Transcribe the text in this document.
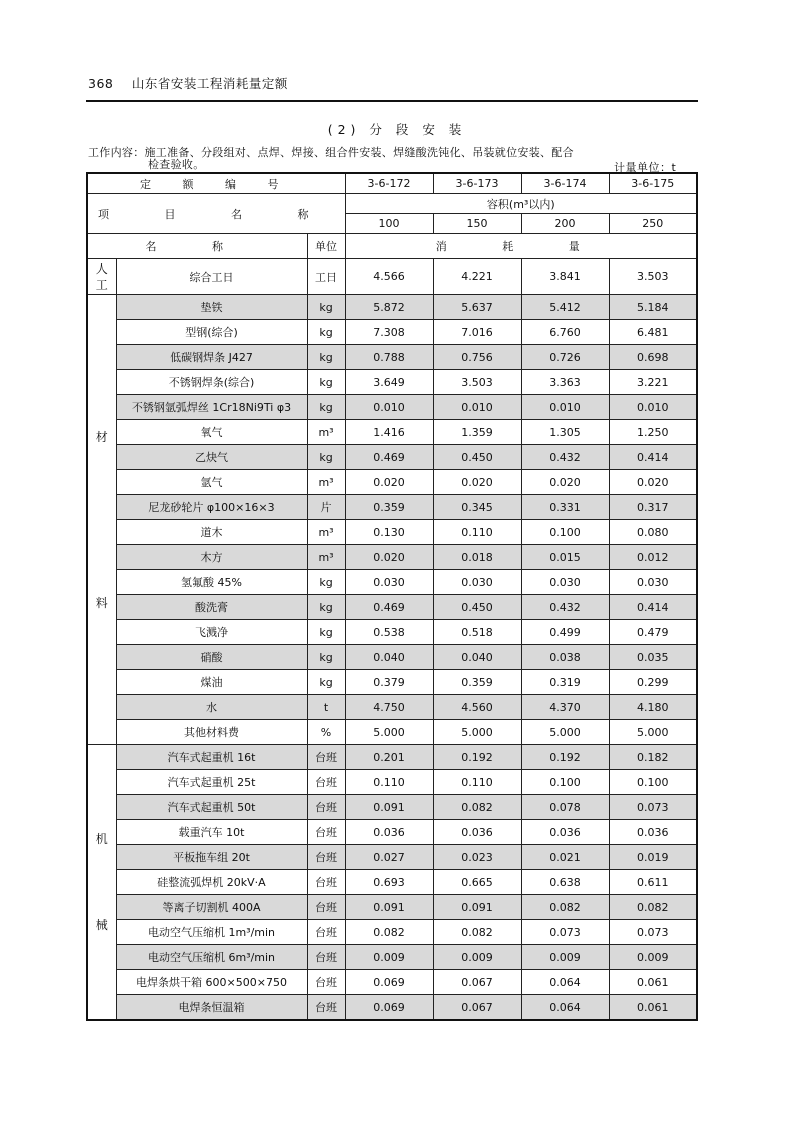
368 山东省安装工程消耗量定额
(2) 分 段 安 装
工作内容：施工准备、分段组对、点焊、焊接、组合件安装、焊缝酸洗钝化、吊装就位安装、配合
检查验收。	计量单位：t
定 额 编 号			3-6-172	3-6-173	3-6-174	3-6-175
项 目 名 称			容积(m³以内)			
			100	150	200	250
名 称		单位	消 耗 量			
人工	综合工日	工日	4.566	4.221	3.841	3.503

材
料	垫铁	kg	5.872	5.637	5.412	5.184
	型钢(综合)	kg	7.308	7.016	6.760	6.481
	低碳钢焊条 J427	kg	0.788	0.756	0.726	0.698
	不锈钢焊条(综合)	kg	3.649	3.503	3.363	3.221
	不锈钢氩弧焊丝 1Cr18Ni9Ti φ3	kg	0.010	0.010	0.010	0.010
	氧气	m³	1.416	1.359	1.305	1.250
	乙炔气	kg	0.469	0.450	0.432	0.414
	氩气	m³	0.020	0.020	0.020	0.020
	尼龙砂轮片 φ100×16×3	片	0.359	0.345	0.331	0.317
	道木	m³	0.130	0.110	0.100	0.080
	木方	m³	0.020	0.018	0.015	0.012
	氢氟酸 45%	kg	0.030	0.030	0.030	0.030
	酸洗膏	kg	0.469	0.450	0.432	0.414
	飞溅净	kg	0.538	0.518	0.499	0.479
	硝酸	kg	0.040	0.040	0.038	0.035
	煤油	kg	0.379	0.359	0.319	0.299
	水	t	4.750	4.560	4.370	4.180
	其他材料费	%	5.000	5.000	5.000	5.000

机
械	汽车式起重机 16t	台班	0.201	0.192	0.192	0.182
	汽车式起重机 25t	台班	0.110	0.110	0.100	0.100
	汽车式起重机 50t	台班	0.091	0.082	0.078	0.073
	载重汽车 10t	台班	0.036	0.036	0.036	0.036
	平板拖车组 20t	台班	0.027	0.023	0.021	0.019
	硅整流弧焊机 20kV·A	台班	0.693	0.665	0.638	0.611
	等离子切割机 400A	台班	0.091	0.091	0.082	0.082
	电动空气压缩机 1m³/min	台班	0.082	0.082	0.073	0.073
	电动空气压缩机 6m³/min	台班	0.009	0.009	0.009	0.009
	电焊条烘干箱 600×500×750	台班	0.069	0.067	0.064	0.061
	电焊条恒温箱	台班	0.069	0.067	0.064	0.061
